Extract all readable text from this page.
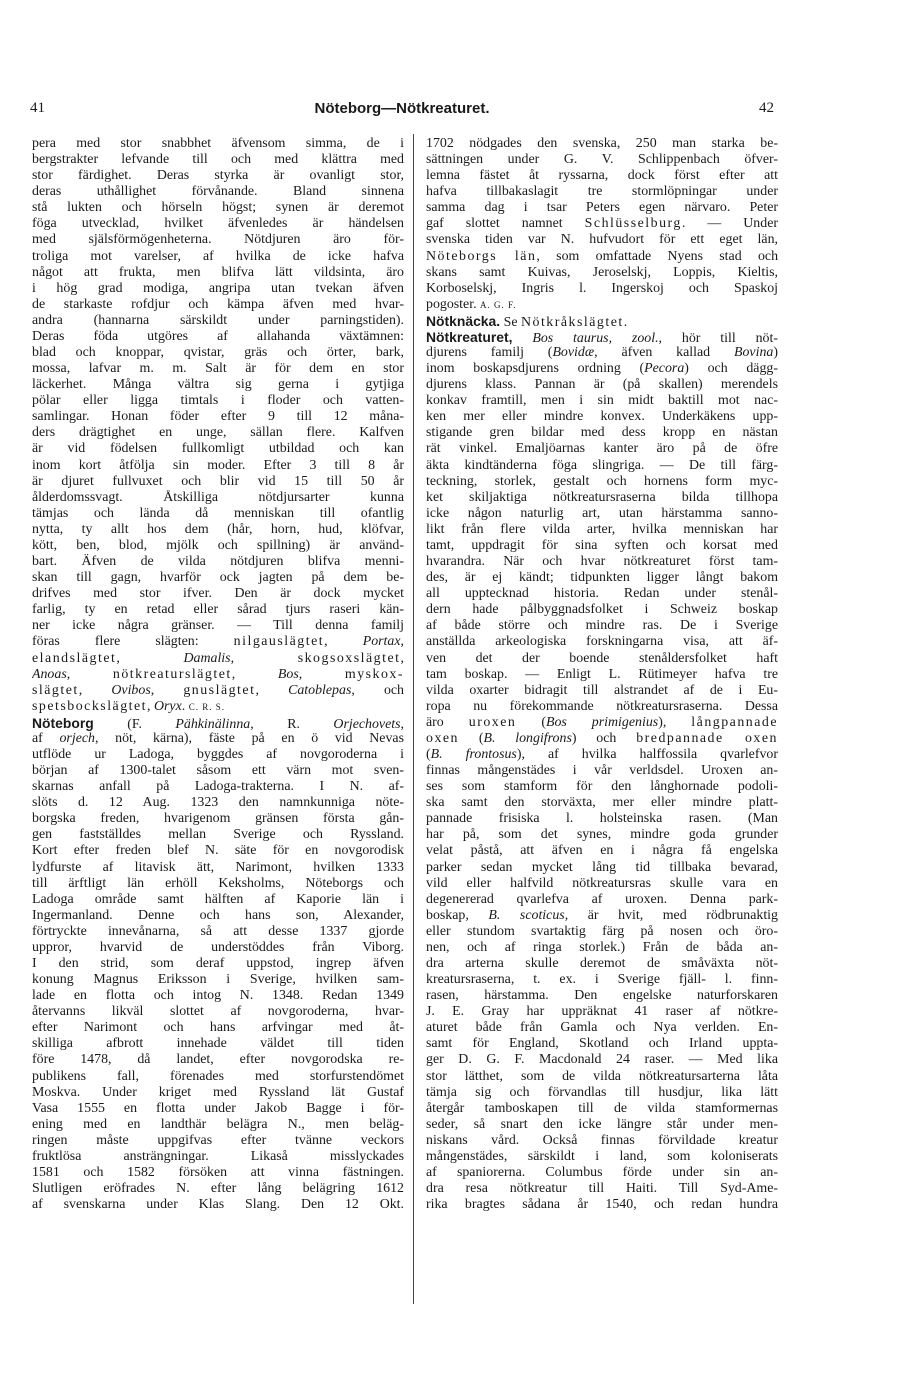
41	Nöteborg—Nötkreaturet.	42
pera med stor snabbhet äfvensom simma, de i
bergstrakter lefvande till och med klättra med
stor färdighet. Deras styrka är ovanligt stor,
deras uthållighet förvånande. Bland sinnena
stå lukten och hörseln högst; synen är deremot
föga utvecklad, hvilket äfvenledes är händelsen
med själsförmögenheterna. Nötdjuren äro för-
troliga mot varelser, af hvilka de icke hafva
något att frukta, men blifva lätt vildsinta, äro
i hög grad modiga, angripa utan tvekan äfven
de starkaste rofdjur och kämpa äfven med hvar-
andra (hannarna särskildt under parningstiden).
Deras föda utgöres af allahanda växtämnen:
blad och knoppar, qvistar, gräs och örter, bark,
mossa, lafvar m. m. Salt är för dem en stor
läckerhet. Många vältra sig gerna i gytjiga
pölar eller ligga timtals i floder och vatten-
samlingar. Honan föder efter 9 till 12 måna-
ders drägtighet en unge, sällan flere. Kalfven
är vid födelsen fullkomligt utbildad och kan
inom kort åtfölja sin moder. Efter 3 till 8 år
är djuret fullvuxet och blir vid 15 till 50 år
ålderdomssvagt. Åtskilliga nötdjursarter kunna
tämjas och lända då menniskan till ofantlig
nytta, ty allt hos dem (hår, horn, hud, klöfvar,
kött, ben, blod, mjölk och spillning) är använd-
bart. Äfven de vilda nötdjuren blifva menni-
skan till gagn, hvarför ock jagten på dem be-
drifves med stor ifver. Den är dock mycket
farlig, ty en retad eller sårad tjurs raseri kän-
ner icke några gränser. — Till denna familj
föras flere slägten: nilgauslägtet, Portax,
elandslägtet, Damalis, skogsoxslägtet,
Anoas, nötkreaturslägtet, Bos, myskox-
slägtet, Ovibos, gnuslägtet, Catoblepas, och
spetsbockslägtet, Oryx. C. R. S.
Nöteborg (F. Pähkinälinna, R. Orjechovets,
af orjech, nöt, kärna), fäste på en ö vid Nevas
utflöde ur Ladoga, byggdes af novgoroderna i
början af 1300-talet såsom ett värn mot sven-
skarnas anfall på Ladoga-trakterna. I N. af-
slöts d. 12 Aug. 1323 den namnkunniga nöte-
borgska freden, hvarigenom gränsen första gån-
gen fastställdes mellan Sverige och Ryssland.
Kort efter freden blef N. säte för en novgorodisk
lydfurste af litavisk ätt, Narimont, hvilken 1333
till ärftligt län erhöll Keksholms, Nöteborgs och
Ladoga område samt hälften af Kaporie län i
Ingermanland. Denne och hans son, Alexander,
förtryckte innevånarna, så att desse 1337 gjorde
uppror, hvarvid de understöddes från Viborg.
I den strid, som deraf uppstod, ingrep äfven
konung Magnus Eriksson i Sverige, hvilken sam-
lade en flotta och intog N. 1348. Redan 1349
återvanns likväl slottet af novgoroderna, hvar-
efter Narimont och hans arfvingar med åt-
skilliga afbrott innehade väldet till tiden
före 1478, då landet, efter novgorodska re-
publikens fall, förenades med storfurstendömet
Moskva. Under kriget med Ryssland lät Gustaf
Vasa 1555 en flotta under Jakob Bagge i för-
ening med en landthär belägra N., men beläg-
ringen måste uppgifvas efter tvänne veckors
fruktlösa ansträngningar. Likaså misslyckades
1581 och 1582 försöken att vinna fästningen.
Slutligen eröfrades N. efter lång belägring 1612
af svenskarna under Klas Slang. Den 12 Okt.
1702 nödgades den svenska, 250 man starka be-
sättningen under G. V. Schlippenbach öfver-
lemna fästet åt ryssarna, dock först efter att
hafva tillbakaslagit tre stormlöpningar under
samma dag i tsar Peters egen närvaro. Peter
gaf slottet namnet Schlüsselburg. — Under
svenska tiden var N. hufvudort för ett eget län,
Nöteborgs län, som omfattade Nyens stad och
skans samt Kuivas, Jeroselskj, Loppis, Kieltis,
Korboselskj, Ingris l. Ingerskoj och Spaskoj
pogoster. A. G. F.
Nötknäcka. Se Nötkråkslägtet.
Nötkreaturet, Bos taurus, zool., hör till nöt-
djurens familj (Bovidæ, äfven kallad Bovina)
inom boskapsdjurens ordning (Pecora) och dägg-
djurens klass. Pannan är (på skallen) merendels
konkav framtill, men i sin midt baktill mot nac-
ken mer eller mindre konvex. Underkäkens upp-
stigande gren bildar med dess kropp en nästan
rät vinkel. Emaljöarnas kanter äro på de öfre
äkta kindtänderna föga slingriga. — De till färg-
teckning, storlek, gestalt och hornens form myc-
ket skiljaktiga nötkreatursraserna bilda tillhopa
icke någon naturlig art, utan härstamma sanno-
likt från flere vilda arter, hvilka menniskan har
tamt, uppdragit för sina syften och korsat med
hvarandra. När och hvar nötkreaturet först tam-
des, är ej kändt; tidpunkten ligger långt bakom
all upptecknad historia. Redan under stenål-
dern hade pålbyggnadsfolket i Schweiz boskap
af både större och mindre ras. De i Sverige
anställda arkeologiska forskningarna visa, att äf-
ven det der boende stenåldersfolket haft
tam boskap. — Enligt L. Rütimeyer hafva tre
vilda oxarter bidragit till alstrandet af de i Eu-
ropa nu förekommande nötkreatursraserna. Dessa
äro uroxen (Bos primigenius), långpannade
oxen (B. longifrons) och bredpannade oxen
(B. frontosus), af hvilka halffossila qvarlefvor
finnas mångenstädes i vår verldsdel. Uroxen an-
ses som stamform för den långhornade podoli-
ska samt den storväxta, mer eller mindre platt-
pannade frisiska l. holsteinska rasen. (Man
har på, som det synes, mindre goda grunder
velat påstå, att äfven en i några få engelska
parker sedan mycket lång tid tillbaka bevarad,
vild eller halfvild nötkreatursras skulle vara en
degenererad qvarlefva af uroxen. Denna park-
boskap, B. scoticus, är hvit, med rödbrunaktig
eller stundom svartaktig färg på nosen och öro-
nen, och af ringa storlek.) Från de båda an-
dra arterna skulle deremot de småväxta nöt-
kreatursraserna, t. ex. i Sverige fjäll- l. finn-
rasen, härstamma. Den engelske naturforskaren
J. E. Gray har uppräknat 41 raser af nötkre-
aturet både från Gamla och Nya verlden. En-
samt för England, Skotland och Irland uppta-
ger D. G. F. Macdonald 24 raser. — Med lika
stor lätthet, som de vilda nötkreatursarterna låta
tämja sig och förvandlas till husdjur, lika lätt
återgår tamboskapen till de vilda stamformernas
seder, så snart den icke längre står under men-
niskans vård. Också finnas förvildade kreatur
mångenstädes, särskildt i land, som koloniserats
af spaniorerna. Columbus förde under sin an-
dra resa nötkreatur till Haiti. Till Syd-Ame-
rika bragtes sådana år 1540, och redan hundra
